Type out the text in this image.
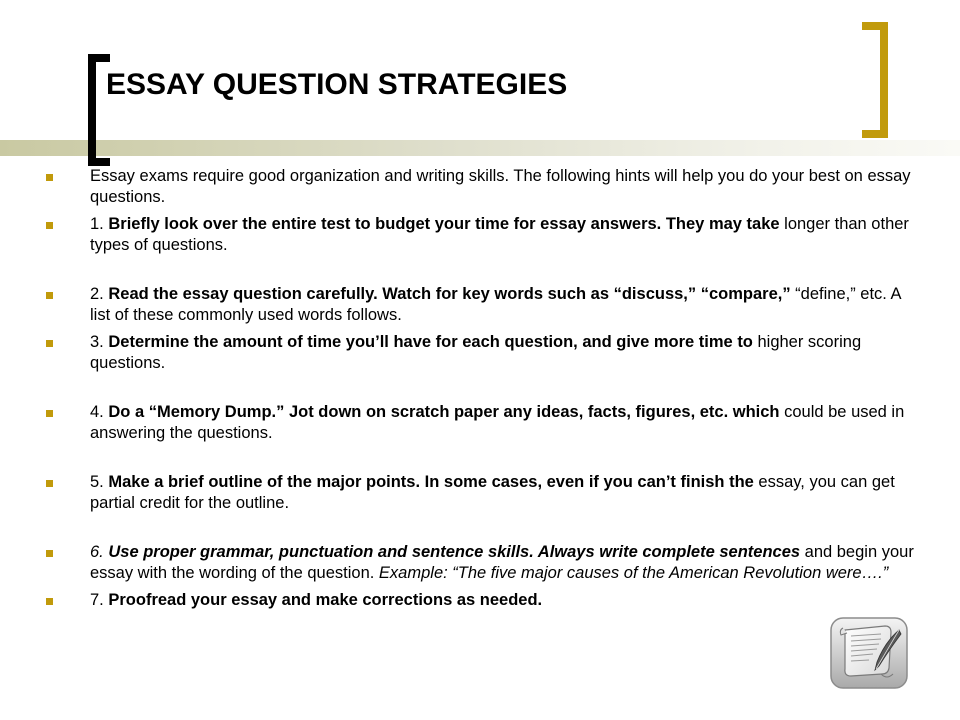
ESSAY QUESTION STRATEGIES
Essay exams require good organization and writing skills. The following hints will help you do your best on essay questions.
1. Briefly look over the entire test to budget your time for essay answers. They may take longer than other types of questions.
2. Read the essay question carefully. Watch for key words such as “discuss,” “compare,” “define,” etc. A list of these commonly used words follows.
3. Determine the amount of time you’ll have for each question, and give more time to higher scoring questions.
4. Do a “Memory Dump.” Jot down on scratch paper any ideas, facts, figures, etc. which could be used in answering the questions.
5. Make a brief outline of the major points. In some cases, even if you can’t finish the essay, you can get partial credit for the outline.
6. Use proper grammar, punctuation and sentence skills. Always write complete sentences and begin your essay with the wording of the question. Example: “The five major causes of the American Revolution were….”
7. Proofread your essay and make corrections as needed.
